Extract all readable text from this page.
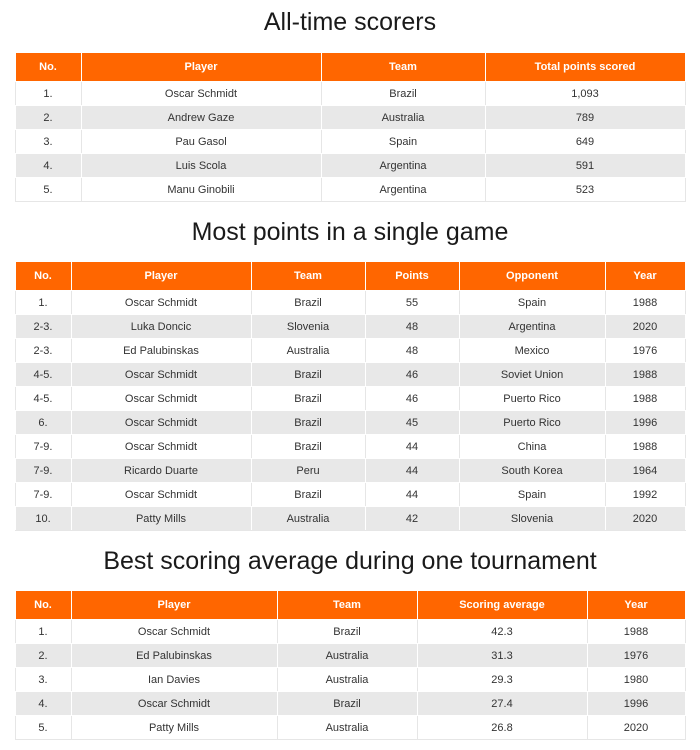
All-time scorers
No.	Player	Team	Total points scored
1.	Oscar Schmidt	Brazil	1,093
2.	Andrew Gaze	Australia	789
3.	Pau Gasol	Spain	649
4.	Luis Scola	Argentina	591
5.	Manu Ginobili	Argentina	523
Most points in a single game
No.	Player	Team	Points	Opponent	Year
1.	Oscar Schmidt	Brazil	55	Spain	1988
2-3.	Luka Doncic	Slovenia	48	Argentina	2020
2-3.	Ed Palubinskas	Australia	48	Mexico	1976
4-5.	Oscar Schmidt	Brazil	46	Soviet Union	1988
4-5.	Oscar Schmidt	Brazil	46	Puerto Rico	1988
6.	Oscar Schmidt	Brazil	45	Puerto Rico	1996
7-9.	Oscar Schmidt	Brazil	44	China	1988
7-9.	Ricardo Duarte	Peru	44	South Korea	1964
7-9.	Oscar Schmidt	Brazil	44	Spain	1992
10.	Patty Mills	Australia	42	Slovenia	2020
Best scoring average during one tournament
No.	Player	Team	Scoring average	Year
1.	Oscar Schmidt	Brazil	42.3	1988
2.	Ed Palubinskas	Australia	31.3	1976
3.	Ian Davies	Australia	29.3	1980
4.	Oscar Schmidt	Brazil	27.4	1996
5.	Patty Mills	Australia	26.8	2020
